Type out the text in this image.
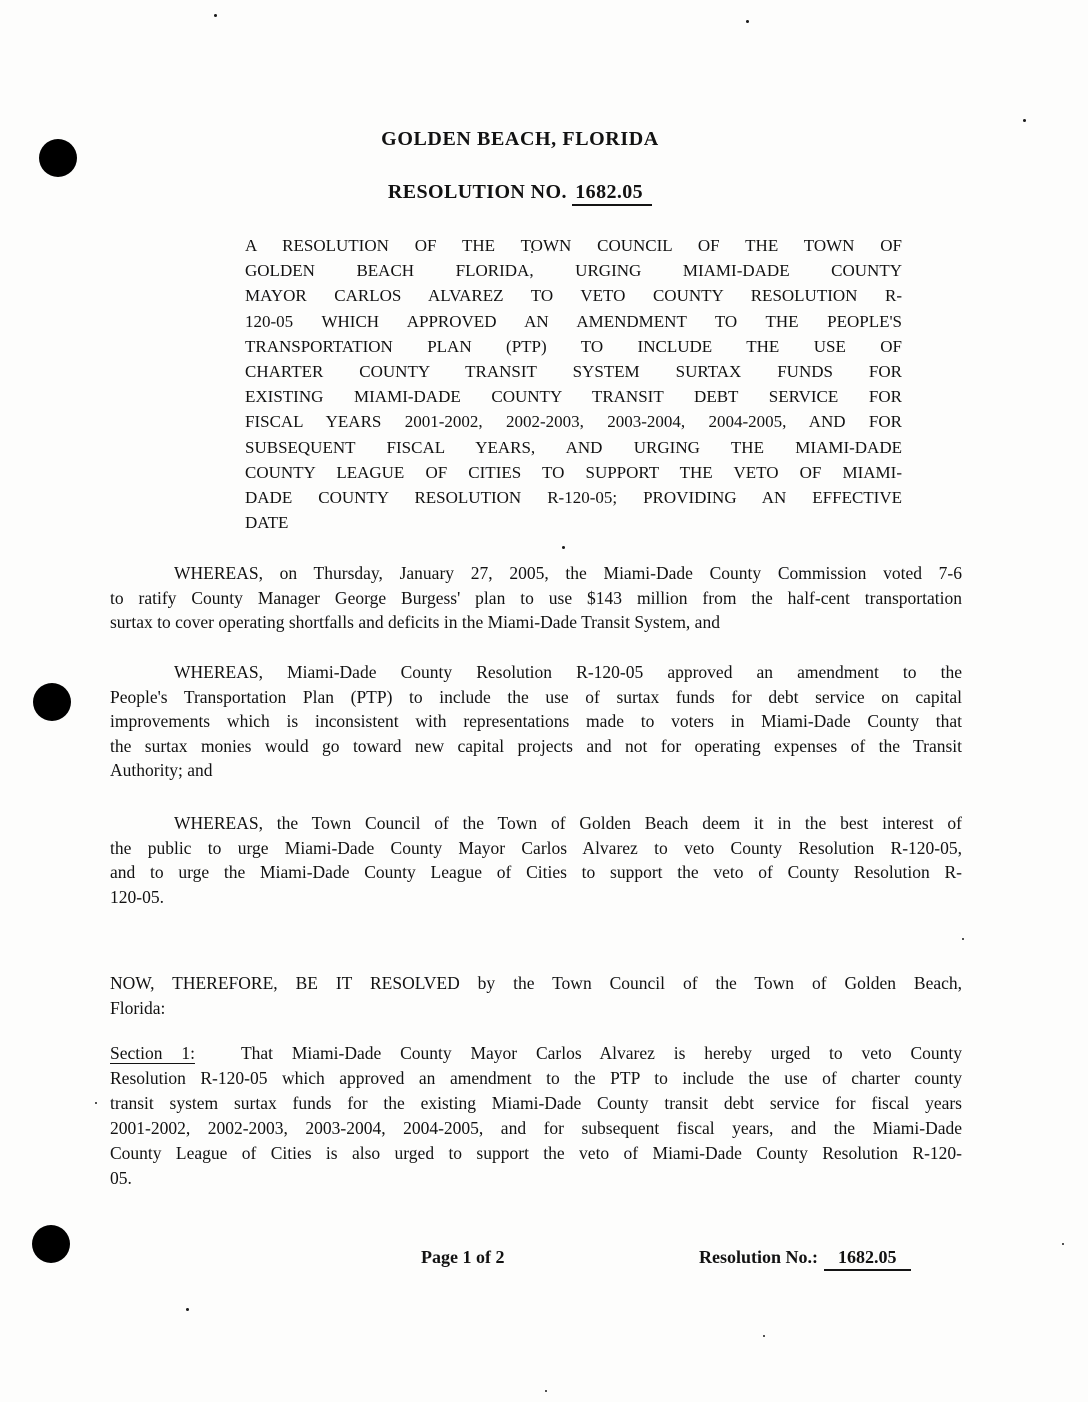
GOLDEN BEACH, FLORIDA
RESOLUTION NO. 1682.05
A RESOLUTION OF THE TOWN COUNCIL OF THE TOWN OF
GOLDEN BEACH FLORIDA, URGING MIAMI-DADE COUNTY
MAYOR CARLOS ALVAREZ TO VETO COUNTY RESOLUTION R-
120-05 WHICH APPROVED AN AMENDMENT TO THE PEOPLE'S
TRANSPORTATION PLAN (PTP) TO INCLUDE THE USE OF
CHARTER COUNTY TRANSIT SYSTEM SURTAX FUNDS FOR
EXISTING MIAMI-DADE COUNTY TRANSIT DEBT SERVICE FOR
FISCAL YEARS 2001-2002, 2002-2003, 2003-2004, 2004-2005, AND FOR
SUBSEQUENT FISCAL YEARS, AND URGING THE MIAMI-DADE
COUNTY LEAGUE OF CITIES TO SUPPORT THE VETO OF MIAMI-
DADE COUNTY RESOLUTION R-120-05; PROVIDING AN EFFECTIVE
DATE
WHEREAS, on Thursday, January 27, 2005, the Miami-Dade County Commission voted 7-6
to ratify County Manager George Burgess' plan to use $143 million from the half-cent transportation
surtax to cover operating shortfalls and deficits in the Miami-Dade Transit System, and
WHEREAS, Miami-Dade County Resolution R-120-05 approved an amendment to the
People's Transportation Plan (PTP) to include the use of surtax funds for debt service on capital
improvements which is inconsistent with representations made to voters in Miami-Dade County that
the surtax monies would go toward new capital projects and not for operating expenses of the Transit
Authority; and
WHEREAS, the Town Council of the Town of Golden Beach deem it in the best interest of
the public to urge Miami-Dade County Mayor Carlos Alvarez to veto County Resolution R-120-05,
and to urge the Miami-Dade County League of Cities to support the veto of County Resolution R-
120-05.
NOW, THEREFORE, BE IT RESOLVED by the Town Council of the Town of Golden Beach,
Florida:
Section 1:	That Miami-Dade County Mayor Carlos Alvarez is hereby urged to veto County
Resolution R-120-05 which approved an amendment to the PTP to include the use of charter county
transit system surtax funds for the existing Miami-Dade County transit debt service for fiscal years
2001-2002, 2002-2003, 2003-2004, 2004-2005, and for subsequent fiscal years, and the Miami-Dade
County League of Cities is also urged to support the veto of Miami-Dade County Resolution R-120-
05.
Page 1 of 2	Resolution No.: 1682.05
